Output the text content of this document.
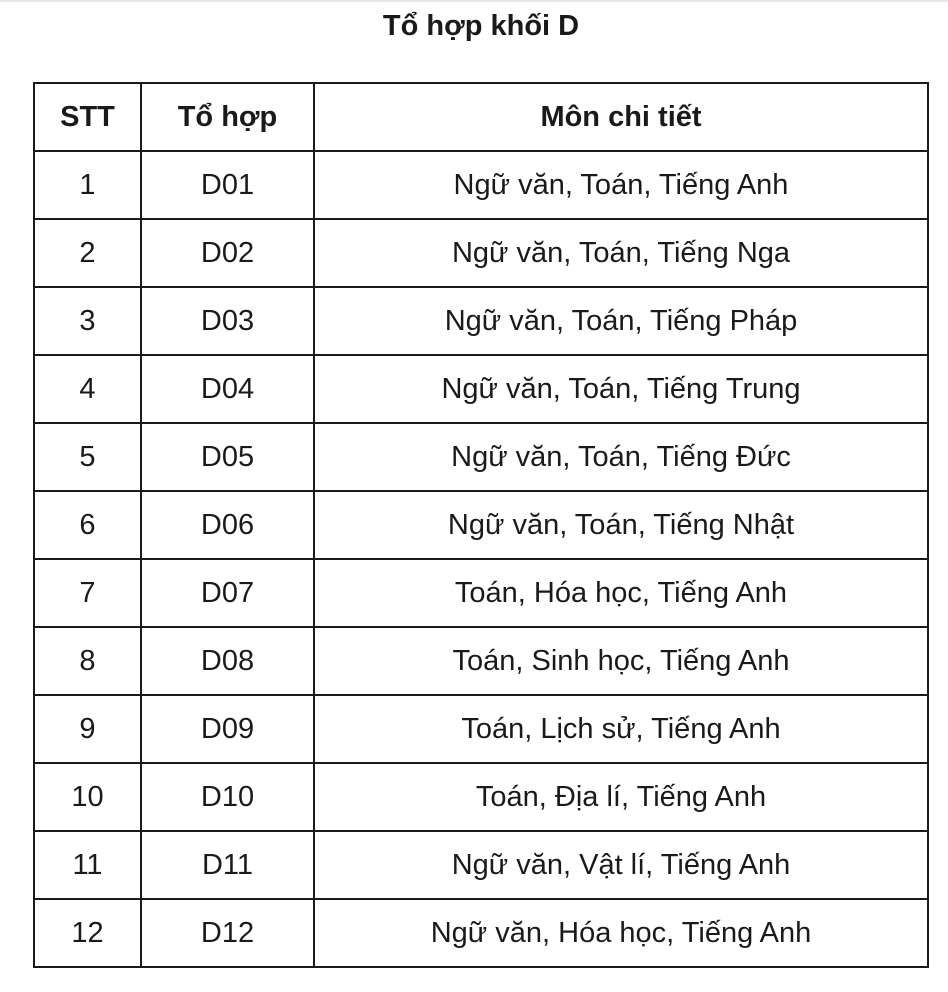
Tổ hợp khối D
STT	Tổ hợp	Môn chi tiết
1	D01	Ngữ văn, Toán, Tiếng Anh
2	D02	Ngữ văn, Toán, Tiếng Nga
3	D03	Ngữ văn, Toán, Tiếng Pháp
4	D04	Ngữ văn, Toán, Tiếng Trung
5	D05	Ngữ văn, Toán, Tiếng Đức
6	D06	Ngữ văn, Toán, Tiếng Nhật
7	D07	Toán, Hóa học, Tiếng Anh
8	D08	Toán, Sinh học, Tiếng Anh
9	D09	Toán, Lịch sử, Tiếng Anh
10	D10	Toán, Địa lí, Tiếng Anh
11	D11	Ngữ văn, Vật lí, Tiếng Anh
12	D12	Ngữ văn, Hóa học, Tiếng Anh
